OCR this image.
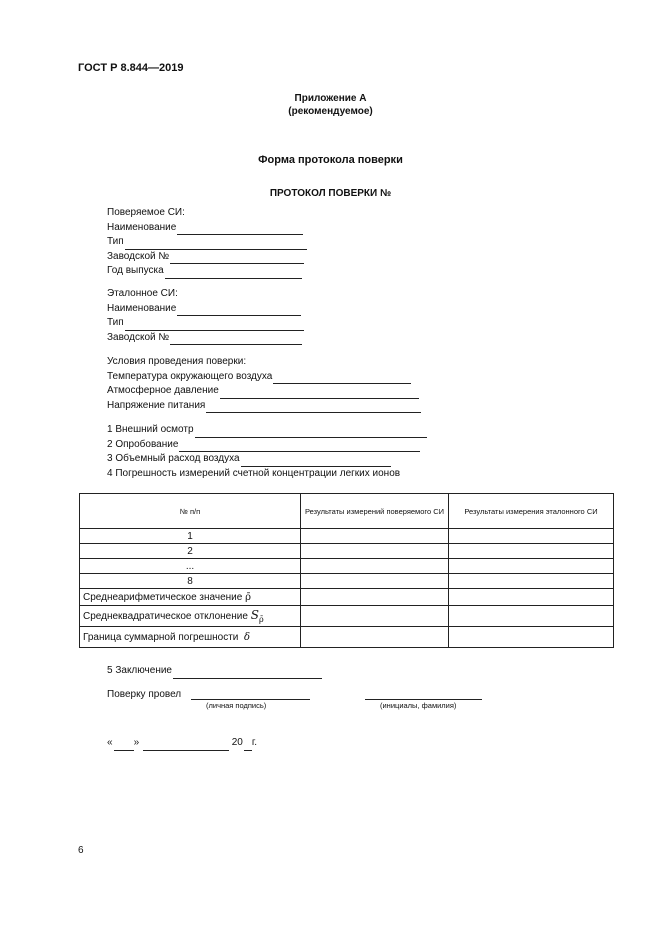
ГОСТ Р 8.844—2019
Приложение А
(рекомендуемое)
Форма протокола поверки
ПРОТОКОЛ ПОВЕРКИ №
Поверяемое СИ:
Наименование
Тип
Заводской №
Год выпуска
Эталонное СИ:
Наименование
Тип
Заводской №
Условия проведения поверки:
Температура окружающего воздуха
Атмосферное давление
Напряжение питания
1 Внешний осмотр
2 Опробование
3 Объемный расход воздуха
4 Погрешность измерений счетной концентрации легких ионов
№ п/п	Результаты измерений поверяемого СИ	Результаты измерения эталонного СИ
1		
2		
...		
8		
Среднеарифметическое значение ρ̄		
Среднеквадратическое отклонение $S_{\rhō}$		
Граница суммарной погрешности δ		
5 Заключение
Поверку провел
(личная подпись)	(инициалы, фамилия)
« »

	20 г.
6
